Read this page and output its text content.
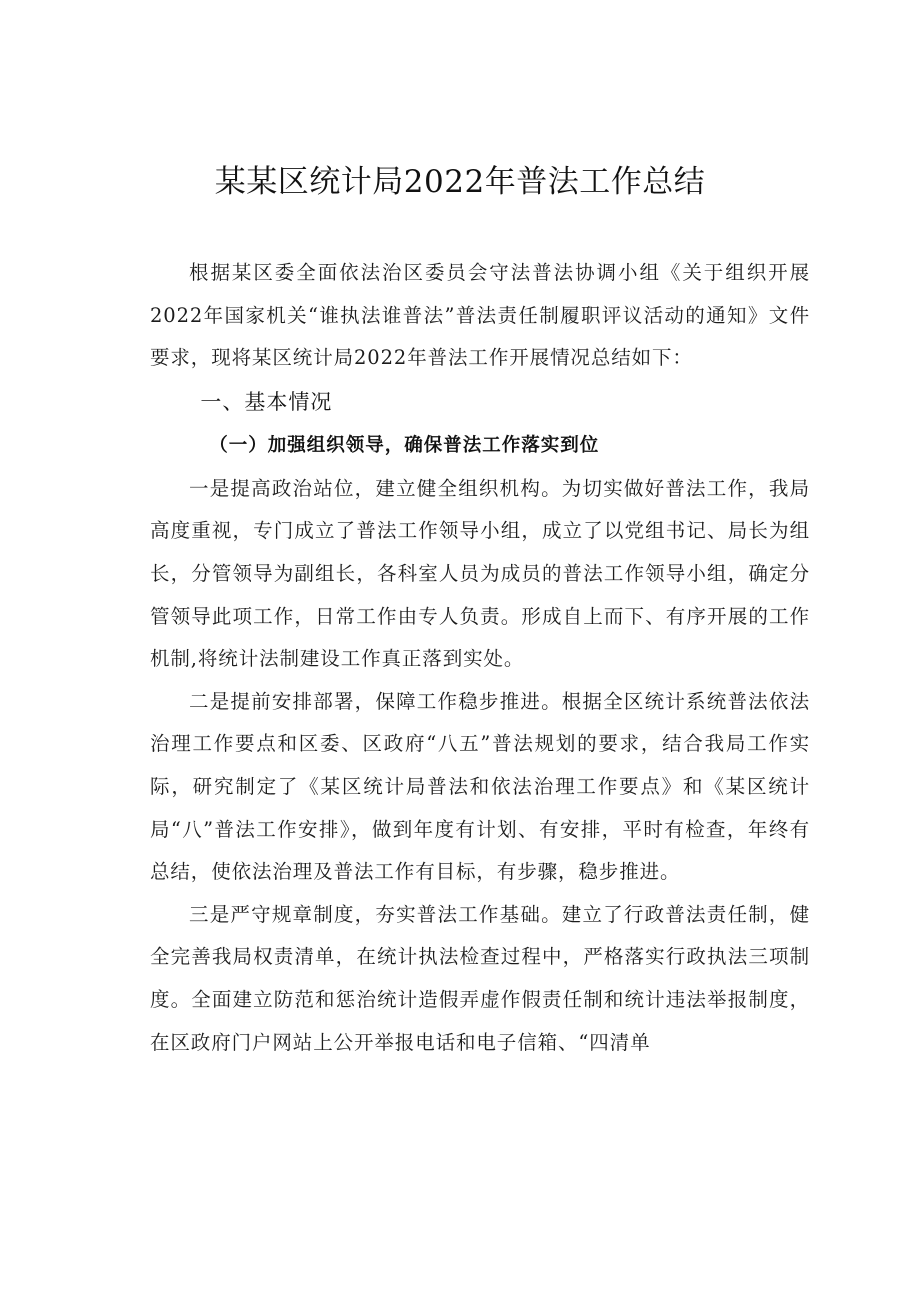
某某区统计局2022年普法工作总结

根据某区委全面依法治区委员会守法普法协调小组《关于组织开展2022年国家机关“谁执法谁普法”普法责任制履职评议活动的通知》文件要求，现将某区统计局2022年普法工作开展情况总结如下：

一、基本情况

（一）加强组织领导，确保普法工作落实到位

一是提高政治站位，建立健全组织机构。为切实做好普法工作，我局高度重视，专门成立了普法工作领导小组，成立了以党组书记、局长为组长，分管领导为副组长，各科室人员为成员的普法工作领导小组，确定分管领导此项工作，日常工作由专人负责。形成自上而下、有序开展的工作机制,将统计法制建设工作真正落到实处。

二是提前安排部署，保障工作稳步推进。根据全区统计系统普法依法治理工作要点和区委、区政府“八五”普法规划的要求，结合我局工作实际，研究制定了《某区统计局普法和依法治理工作要点》和《某区统计局“八”普法工作安排》，做到年度有计划、有安排，平时有检查，年终有总结，使依法治理及普法工作有目标，有步骤，稳步推进。

三是严守规章制度，夯实普法工作基础。建立了行政普法责任制，健全完善我局权责清单，在统计执法检查过程中，严格落实行政执法三项制度。全面建立防范和惩治统计造假弄虚作假责任制和统计违法举报制度，在区政府门户网站上公开举报电话和电子信箱、“四清单
